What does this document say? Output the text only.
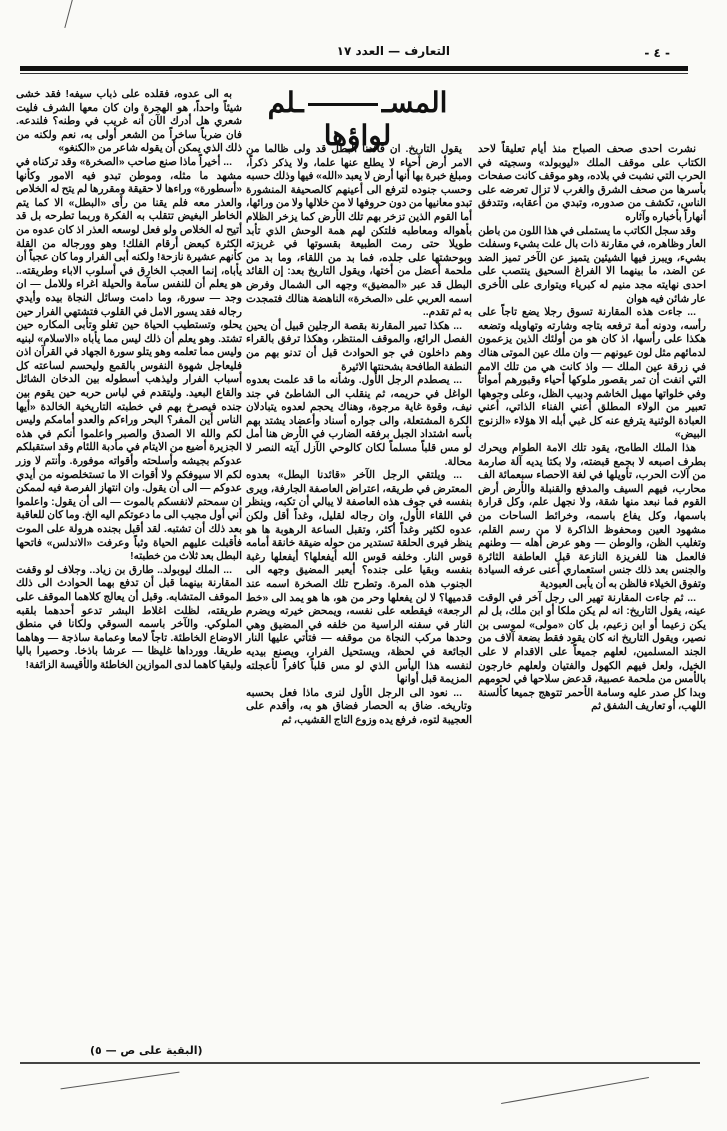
- ٤ -
التعارف — العدد ١٧
المســلم لواؤها	نشرت احدى صحف الصباح منذ أيام تعليقاً لاحد الكتاب على موقف الملك «ليوبولد» وسجيته في الحرب التي نشبت في بلاده، وهو موقف كانت صفحات بأسرها من صحف الشرق والغرب لا تزال تعرضه على الناس، تكشف من صدوره، وتبدي من أعقابه، وتتدفق أنهاراً بأخباره وآثاره

وقد سجل الكاتب ما يستملى في هذا اللون من باطن العار وظاهره، في مقارنة ذات بال علت بشيء وسفلت بشيء، ويبرز فيها الشيئين يتميز عن الآخر تميز الضد عن الضد، ما بينهما الا الفراغ السحيق ينتصب على احدى نهايته مجد منيم له كبرياء ويتوارى على الأخرى عار شائن فيه هوان

... جاءت هذه المقارنة تسوق رجلا يضع تاجاً على رأسه، ودونه أمة ترفعه بتاجه وشارته وتهاويله وتضعه هكذا على رأسها، اذ كان هو من أولئك الذين يزعمون لدمائهم مثل لون عيونهم — وان ملك عين الموتى هناك في زرقة عين الملك — واذ كانت هي من تلك الامم التي انفت أن تمر بقصور ملوكها أحياء وقبورهم أمواتاً وفي خلواتها مهبل الخاشم ودبيب الظل، وعلى وجوهها تعبير من الولاء المطلق أعني الفناء الذاتي، أعني العبادة الوثنية يترفع عنه كل غبي أبله الا هؤلاء «الزنوج البيض»

هذا الملك الطامح، يقود تلك الامة الطوام ويحرك بطرف اصبعه لا بجمع قبضته، ولا بكتا يديه آلة صارمة من آلات الحرب، تأويلها في لغة الاحصاء سبعمائة الف محارب، فيهم السيف والمدفع والقنبلة والأرض أرض القوم فما نبعد منها شقة، ولا نجهل علم، وكل قرارة باسمها، وكل يفاع باسمه، وخرائط الساحات من مشهود العين ومحفوظ الذاكرة لا من رسم القلم، وتغليب الظن، والوطن — وهو عرض أهله — وطنهم فالعمل هنا للغريزة النازعة قبل العاطفة الثائرة والجنس بعد ذلك جنس استعماري أعنى عرفه السيادة وتفوق الخيلاء فالظن به أن يأبى العبودية

... ثم جاءت المقارنة تهير الى رجل آخر في الوقت عينه، يقول التاريخ: انه لم يكن ملكا أو ابن ملك، بل لم يكن زعيما أو ابن زعيم، بل كان «مولى» لموسى بن نصير، ويقول التاريخ انه كان يقود فقط بضعة آلاف من الجند المسلمين، لعلهم جميعاً على الاقدام لا على الخيل، ولعل فيهم الكهول والفتيان ولعلهم خارجون بالأمس من ملحمة عصبية، قدعض سلاحها في لحومهم وبدا كل صدر عليه وسامة الأحمر تتوهج جميعا كألسنة اللهب، أو تعاريف الشفق ثم

يقول التاريخ. ان قائدنا البطل قد ولى ظالما من الامر أرض أحياء لا يطلع عنها علما، ولا يذكر ذكراً، ومبلغ خبرة بها أنها أرض لا يعبد «الله» فيها وذلك حسبه وحسب جنوده لترفع الى أعينهم كالصحيفة المنشورة تبدو معانيها من دون حروفها لا من خلالها ولا من ورائها، أما القوم الذين تزخر بهم تلك الأرض كما يزخر الظلام بأهواله ومعاطبه فلتكن لهم همة الوحش الذي تأبد طويلا حتى رمت الطبيعة بقسوتها في غريزته وبوحشتها على جلده، فما بد من اللقاء، وما بد من ملحمة أعضل من أختها، ويقول التاريخ بعد: إن القائد البطل قد عبر «المضيق» وجهه الى الشمال وفرض اسمه العربي على «الصخرة» الناهضة هنالك فتمجدت به ثم تقدم..

... هكذا تمير المقارنة بقصة الرجلين قبيل أن يحين الفصل الرائع، والموقف المنتظر، وهكذا ترفق بالقراء وهم داخلون في جو الحوادث قبل أن تدنو بهم من النطفة الطافحة بشحنتها الاثيرة

... يصطدم الرجل الأول. وشأنه ما قد علمت بعدوه الواغل في حريمه، ثم ينقلب الى الشاطئ في جند نيف، وقوة غاية مرجوة، وهناك يحجم لعدوه يتبادلان الكرة المشتعلة، والى جواره أسناد وأعضاد يشتد بهم بأسه اشتداد الجبل برفقه الضارب في الأرض هنا أمل لو مس قلباً مسلماً لكان كالوحي الآزل آيته النصر لا محالة.

... ويلتقي الرجل الآخر «قائدنا البطل» بعدوه المعترض في طريقه، اعتراض العاصفة الجارفة، ويرى بنفسه في جوف هذه العاصفة لا يبالي أن تكبه، وينظر في اللقاء الأول، وان رجاله لقليل، وغداً أقل ولكن عدوه لكثير وغداً أكثر، وتقبل الساعة الرهوبة ها هو ينظر فيرى الحلقة تستدير من حوله ضيقة خانقة أمامه قوس النار. وخلفه قوس الله أيفعلها؟ أيفعلها رغبة بنفسه وبقيا على جنده؟ أيعبر المضيق وجهه الى الجنوب هذه المرة. وتطرح تلك الصخرة اسمه عند قدميها؟ لا لن يفعلها وحر من هو، ها هو يمد الى «خط الرجعة» فيقطعه على نفسه، ويمحض خيرته ويضرم النار في سفنه الراسية من خلفه في المضيق وهي وحدها مركب النجاة من موقفه — فتأتي عليها النار الجائعة في لحظة، ويستحيل الفرار، ويصنع بيديه لنفسه هذا اليأس الذي لو مس قلباً كافراً لأعجلته المزيمة قبل أوانها

... نعود الى الرجل الأول لنرى ماذا فعل بحسبه وتاريخه. ضاق به الحصار فضاق هو به، وأقدم على العجيبة لتوه، فرفع يده وزوع التاج القشيب، ثم

به الى عدوه، فقلده على ذباب سيفه! فقد خشى شيئاً واحداً، هو الهجرة وان كان معها الشرف فليت شعري هل أدرك الآن أنه غريب في وطنه؟ فلندعه. فان ضرباً ساخراً من الشعر أولى به، نعم ولكنه من ذلك الذي يمكن أن يقوله شاعر من «الكنغو»

... أخيراً ماذا صنع صاحب «الصخرة» وقد تركناه في مشهد ما مثله، وموطن تبدو فيه الامور وكأنها «أسطورة» وراءها لا حقيقة ومقررها لم يتح له الخلاص والعذر معه فلم يقنا من رأى «البطل» الا كما يتم الخاطر البغيض تتقلب به الفكرة وربما تطرحه بل قد أتيح له الخلاص ولو فعل لوسعه العذر اذ كان عدوه من الكثرة كبعض أرقام الفلك! وهو وورجاله من القلة كأنهم عشيرة نازحة! ولكنه أبى الفرار وما كان عجباً أن يأباه، إنما العجب الخارق في أسلوب الاباء وطريقته.. هو يعلم أن للنفس سآمة والحيلة اغراء وللامل — ان وجد — سورة، وما دامت وسائل النجاة بيده وأيدي رجاله فقد يسور الامل في القلوب فتشتهي الفرار حين يحلو، وتستطيب الحياة حين تغلو وتأبى المكاره حين تشتد. وهو يعلم أن ذلك ليس مما يأباه «الاسلام» لبنيه وليس مما تعلمه وهو يتلو سورة الجهاد في القرآن اذن فليعاجل شهوة النفوس بالقمع وليحسم لساعته كل أسباب الفرار وليذهب أسطوله بين الدخان الشائل والقاع البعيد. وليتقدم في لباس حربه حين يقوم بين جنده فيصرخ بهم في خطبته التاريخية الخالدة «أيها الناس أين المفر؟ البحر وراءكم والعدو أمامكم وليس لكم والله الا الصدق والصبر واعلموا أنكم في هذه الجزيرة أضيع من الايتام في مأدبة اللئام وقد استقبلكم عدوكم بجيشه وأسلحته وأقواته موفورة. وأنتم لا وزر لكم الا سيوفكم ولا أقوات الا ما تستخلصونه من أيدي عدوكم — الى أن يقول. وان انتهاز الفرصة فيه لممكن ان سمحتم لانفسكم بالموت — الى أن يقول: واعلموا أني أول مجيب الى ما دعوتكم اليه الخ. وما كان للعاقبة بعد ذلك أن تشتبه. لقد أقبل بجنده هرولة على الموت فأقبلت عليهم الحياة وثباً وعرفت «الاندلس» فاتحها البطل بعد ثلاث من خطبته!

... الملك ليوبولد.. طارق بن زياد.. وجلاف لو وقفت المقارنة بينهما قبل أن تدفع بهما الحوادث الى ذلك الموقف المتشابه. وقبل أن يعالج كلاهما الموقف على طريقته، لظلت اغلاط البشر تدعو أحدهما بلقبه الملوكي. والآخر باسمه السوقي ولكانا في منطق الاوضاع الخاطئة. تاجاً لامعا وعمامة ساذجة — وهاهما طريقا. وورداها غليظا — عرشا باذخا. وحصيرا باليا ولبقيا كاهما لدى الموازين الخاطئة والأقيسة الزائفة!

(البقية على ص — ٥)
